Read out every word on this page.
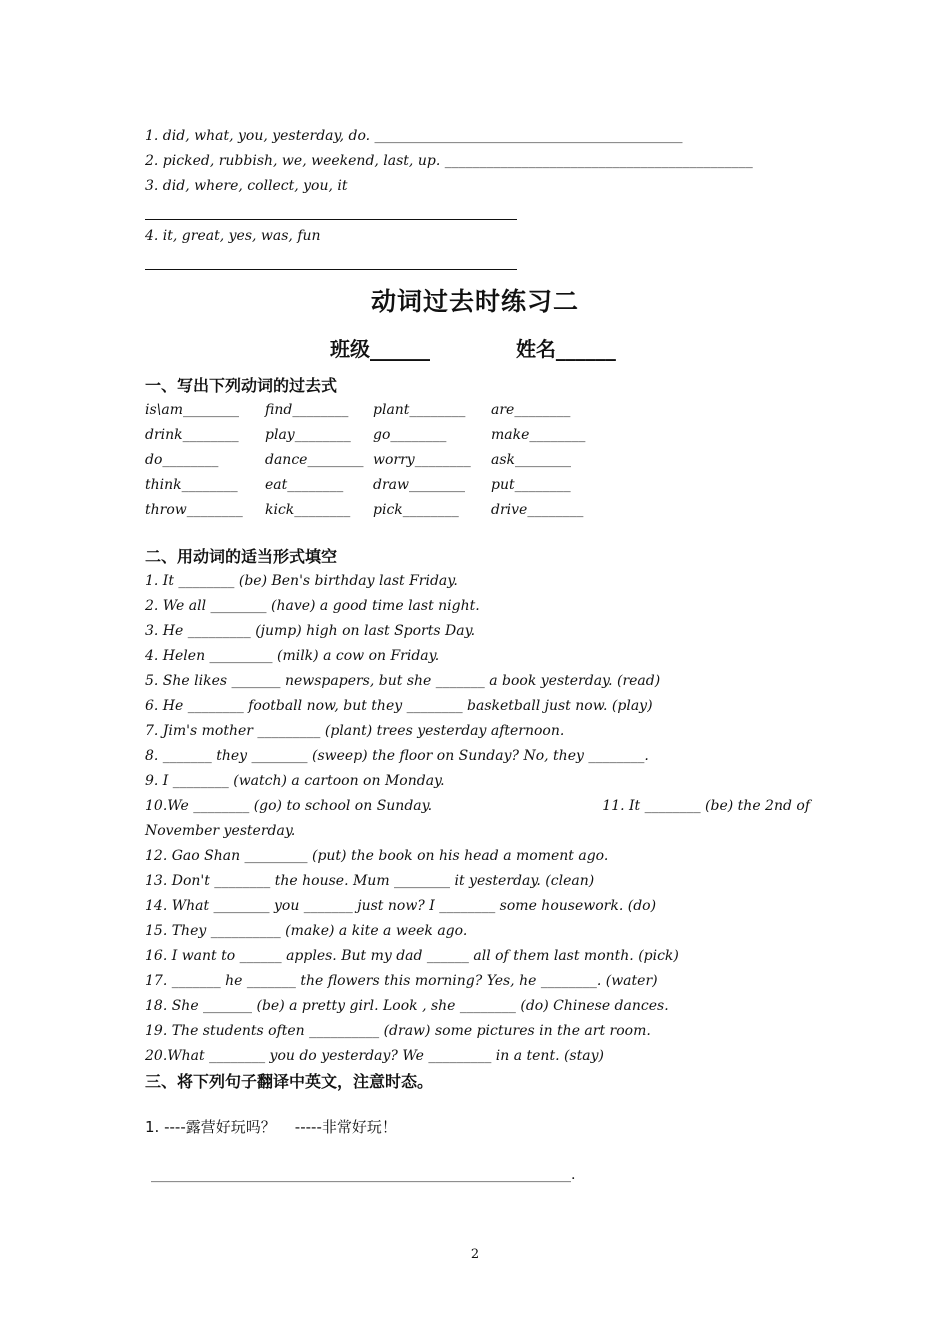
1. did, what, you, yesterday, do. ____________________________________________
2. picked, rubbish, we, weekend, last, up. ____________________________________________
3. did, where, collect, you, it
4. it, great, yes, was, fun
动词过去时练习二
班级______	姓名______
一、写出下列动词的过去式
is\am________	find________	plant________	are________
drink________	play________	go________	make________
do________	dance________ worry________	ask________
think________	eat________	draw________	put________
throw________	kick________	pick________	drive________
二、用动词的适当形式填空
1. It ________ (be) Ben's birthday last Friday.
2. We all ________ (have) a good time last night.
3. He _________ (jump) high on last Sports Day.
4. Helen _________ (milk) a cow on Friday.
5. She likes _______ newspapers, but she _______ a book yesterday. (read)
6. He ________ football now, but they ________ basketball just now. (play)
7. Jim's mother _________ (plant) trees yesterday afternoon.
8. _______ they ________ (sweep) the floor on Sunday? No, they ________.
9. I ________ (watch) a cartoon on Monday.
10.We ________ (go) to school on Sunday.	11. It ________ (be) the 2nd of
November yesterday.
12. Gao Shan _________ (put) the book on his head a moment ago.
13. Don't ________ the house. Mum ________ it yesterday. (clean)
14. What ________ you _______ just now? I ________ some housework. (do)
15. They __________ (make) a kite a week ago.
16. I want to ______ apples. But my dad ______ all of them last month. (pick)
17. _______ he _______ the flowers this morning? Yes, he ________. (water)
18. She _______ (be) a pretty girl. Look , she ________ (do) Chinese dances.
19. The students often __________ (draw) some pictures in the art room.
20.What ________ you do yesterday? We _________ in a tent. (stay)
三、将下列句子翻译中英文，注意时态。
1. ----露营好玩吗？    -----非常好玩！
____________________________________________________________.
2
